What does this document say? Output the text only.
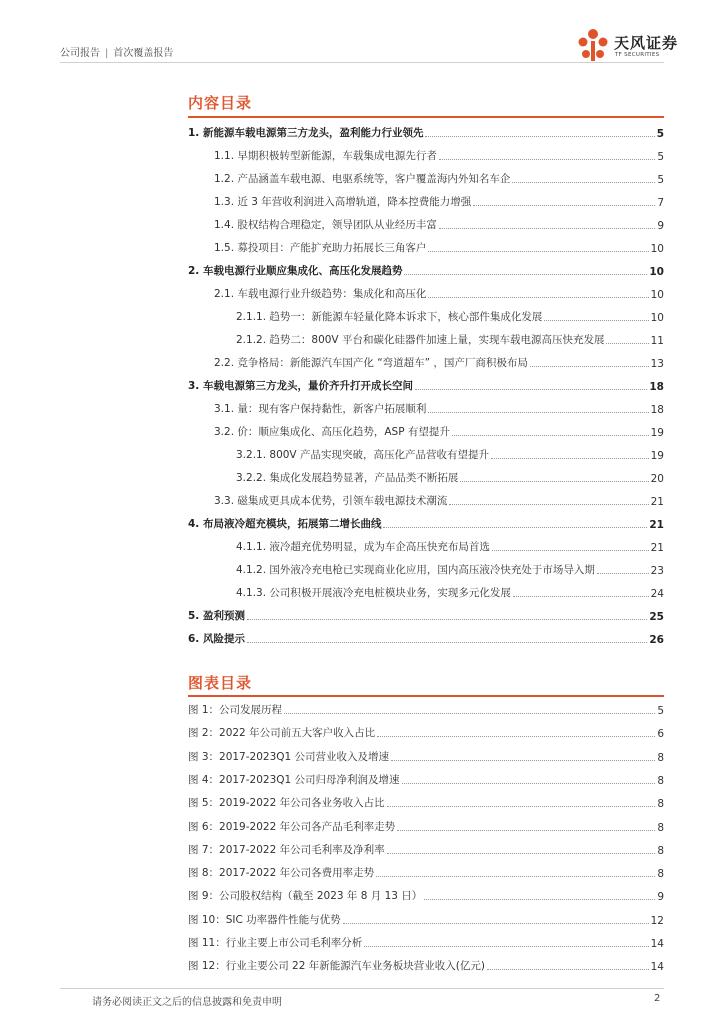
公司报告 | 首次覆盖报告
天风证券
TF SECURITIES
内容目录
1. 新能源车载电源第三方龙头，盈利能力行业领先	5
1.1. 早期积极转型新能源，车载集成电源先行者	5
1.2. 产品涵盖车载电源、电驱系统等，客户覆盖海内外知名车企	5
1.3. 近 3 年营收利润进入高增轨道，降本控费能力增强	7
1.4. 股权结构合理稳定，领导团队从业经历丰富	9
1.5. 募投项目：产能扩充助力拓展长三角客户	10
2. 车载电源行业顺应集成化、高压化发展趋势	10
2.1. 车载电源行业升级趋势：集成化和高压化	10
2.1.1. 趋势一：新能源车轻量化降本诉求下，核心部件集成化发展	10
2.1.2. 趋势二：800V 平台和碳化硅器件加速上量，实现车载电源高压快充发展	11
2.2. 竞争格局：新能源汽车国产化 “弯道超车” ，国产厂商积极布局	13
3. 车载电源第三方龙头，量价齐升打开成长空间	18
3.1. 量：现有客户保持黏性，新客户拓展顺利	18
3.2. 价：顺应集成化、高压化趋势，ASP 有望提升	19
3.2.1. 800V 产品实现突破，高压化产品营收有望提升	19
3.2.2. 集成化发展趋势显著，产品品类不断拓展	20
3.3. 磁集成更具成本优势，引领车载电源技术潮流	21
4. 布局液冷超充模块，拓展第二增长曲线	21
4.1.1. 液冷超充优势明显，成为车企高压快充布局首选	21
4.1.2. 国外液冷充电枪已实现商业化应用，国内高压液冷快充处于市场导入期	23
4.1.3. 公司积极开展液冷充电桩模块业务，实现多元化发展	24
5. 盈利预测	25
6. 风险提示	26
图表目录
图 1：公司发展历程	5
图 2：2022 年公司前五大客户收入占比	6
图 3：2017-2023Q1 公司营业收入及增速	8
图 4：2017-2023Q1 公司归母净利润及增速	8
图 5：2019-2022 年公司各业务收入占比	8
图 6：2019-2022 年公司各产品毛利率走势	8
图 7：2017-2022 年公司毛利率及净利率	8
图 8：2017-2022 年公司各费用率走势	8
图 9：公司股权结构（截至 2023 年 8 月 13 日）	9
图 10：SIC 功率器件性能与优势	12
图 11：行业主要上市公司毛利率分析	14
图 12：行业主要公司 22 年新能源汽车业务板块营业收入(亿元)	14
请务必阅读正文之后的信息披露和免责申明	2
